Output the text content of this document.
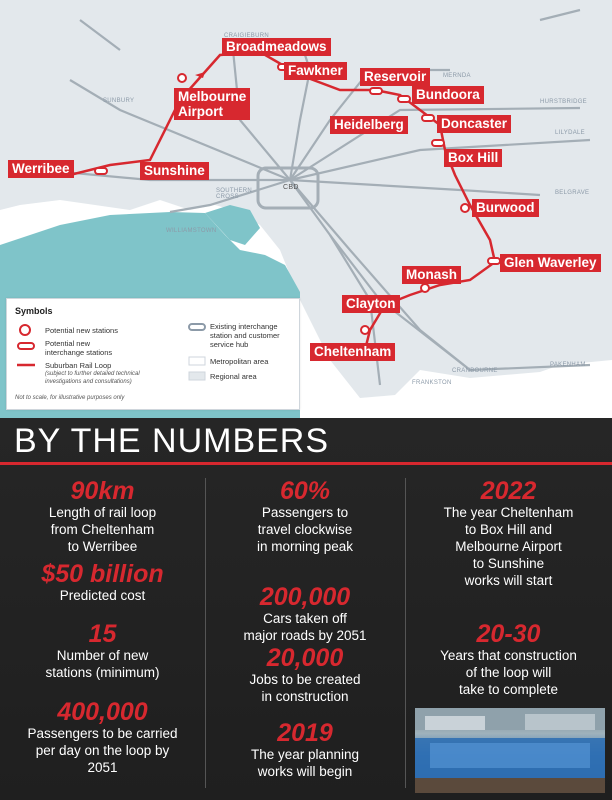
Broadmeadows
Fawkner
Melbourne
Airport
Reservoir
Bundoora
Heidelberg	Doncaster
Werribee	Sunshine
Box Hill
Burwood
Glen Waverley
Monash
Clayton
Cheltenham
CRAIGIEBURN
MERNDA
HURSTBRIDGE
LILYDALE
BELGRAVE
SUNBURY
SOUTHERN
CROSS
CBD
WILLIAMSTOWN
CRANBOURNE
PAKENHAM
FRANKSTON
Symbols
Potential new stations
Potential new
interchange stations
Suburban Rail Loop
(subject to further detailed technical
investigations and consultations)
Existing interchange
station and customer
service hub
Metropolitan area
Regional area
Not to scale, for illustrative purposes only
BY THE NUMBERS
90km
Length of rail loop
from Cheltenham
to Werribee
$50 billion
Predicted cost
15
Number of new
stations (minimum)
400,000
Passengers to be carried
per day on the loop by
2051
60%
Passengers to
travel clockwise
in morning peak
200,000
Cars taken off
major roads by 2051
20,000
Jobs to be created
in construction
2019
The year planning
works will begin
2022
The year Cheltenham
to Box Hill and
Melbourne Airport
to Sunshine
works will start
20-30
Years that construction
of the loop will
take to complete
